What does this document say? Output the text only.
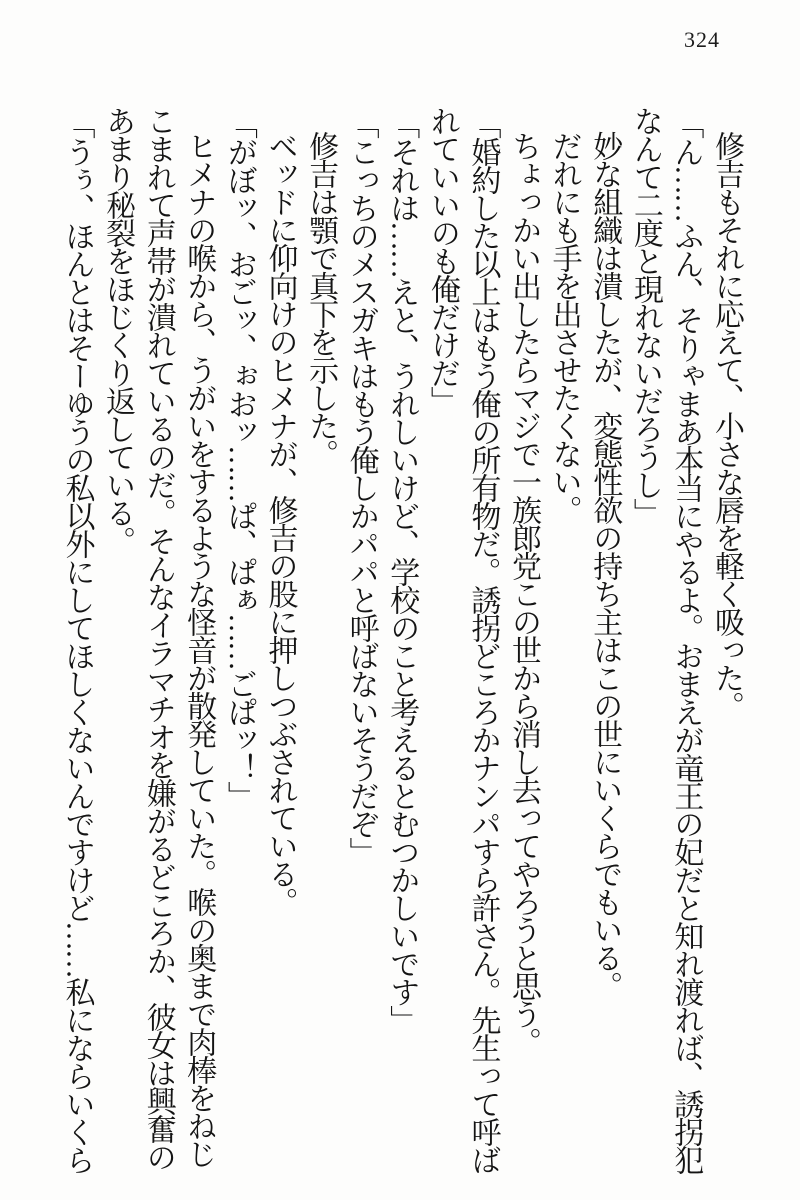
324

修吉もそれに応えて、小さな唇を軽く吸った。

「ん……ふん、そりゃまあ本当にやるよ。おまえが竜王の妃だと知れ渡れば、誘拐犯なんて二度と現れないだろうし」

妙な組織は潰したが、変態性欲の持ち主はこの世にいくらでもいる。

だれにも手を出させたくない。

ちょっかい出したらマジで一族郎党この世から消し去ってやろうと思う。

「婚約した以上はもう俺の所有物だ。誘拐どころかナンパすら許さん。先生って呼ばれていいのも俺だけだ」

「それは……えと、うれしいけど、学校のこと考えるとむつかしいです」

「こっちのメスガキはもう俺しかパパと呼ばないそうだぞ」

修吉は顎で真下を示した。

ベッドに仰向けのヒメナが、修吉の股に押しつぶされている。

「がぼッ、おごッ、ぉおッ……ぱ、ぱぁ……ごぱッ！」

ヒメナの喉から、うがいをするような怪音が散発していた。喉の奥まで肉棒をねじこまれて声帯が潰れているのだ。そんなイラマチオを嫌がるどころか、彼女は興奮のあまり秘裂をほじくり返している。

「うぅ、ほんとはそーゆうの私以外にしてほしくないんですけど……私にならいくら
